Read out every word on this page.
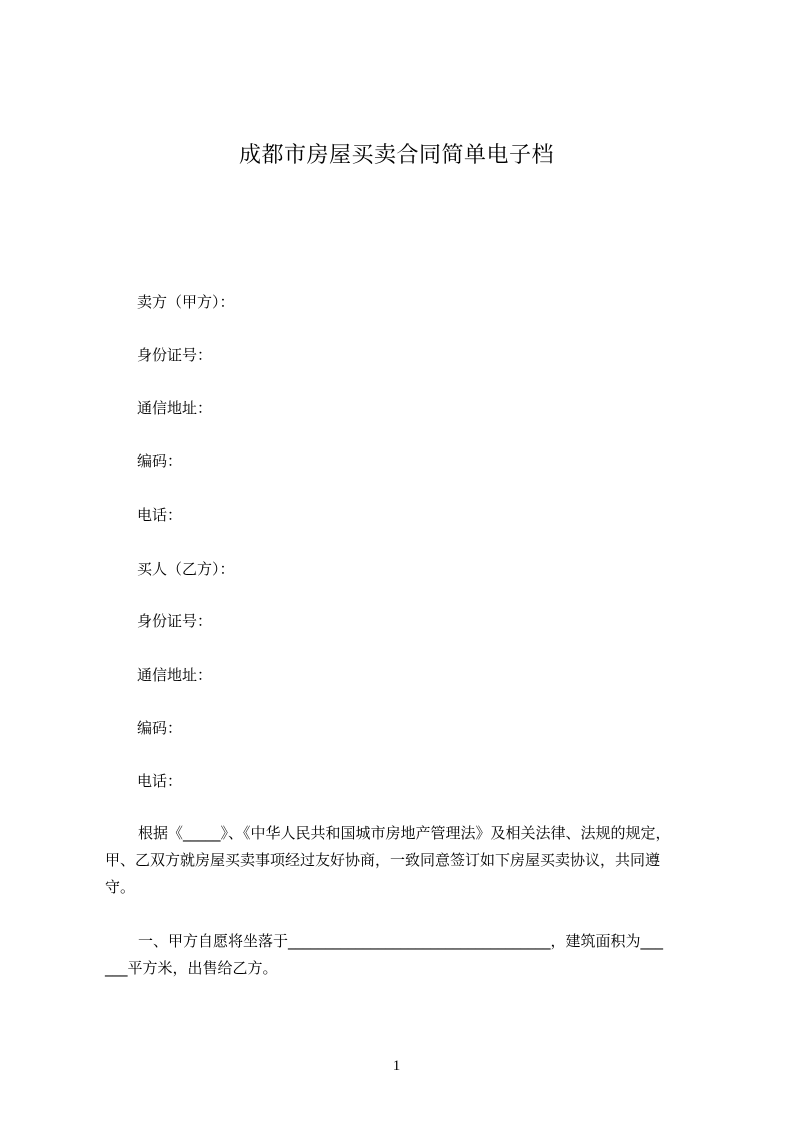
成都市房屋买卖合同简单电子档
卖方（甲方）：
身份证号：
通信地址：
编码：
电话：
买人（乙方）：
身份证号：
通信地址：
编码：
电话：
根据《_____》、《中华人民共和国城市房地产管理法》及相关法律、法规的规定，
甲、乙双方就房屋买卖事项经过友好协商，一致同意签订如下房屋买卖协议，共同遵
守。
一、甲方自愿将坐落于___________________________________，建筑面积为___
___平方米，出售给乙方。
1
